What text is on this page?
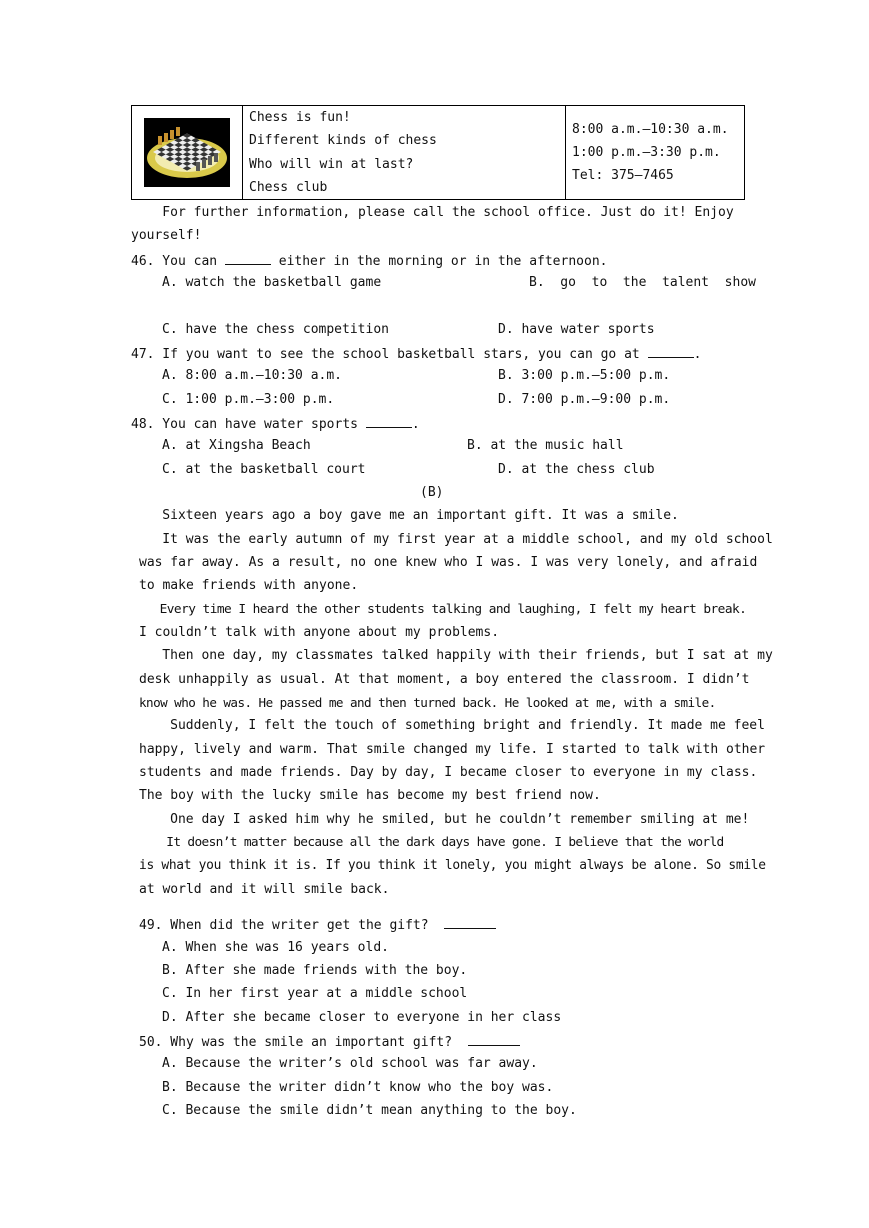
Chess is fun!
Different kinds of chess
Who will win at last?
Chess club

8:00 a.m.—10:30 a.m.
1:00 p.m.—3:30 p.m.
Tel: 375—7465
For further information, please call the school office. Just do it! Enjoy
yourself!
46. You can	either in the morning or in the afternoon.
A. watch the basketball game	B.  go  to  the  talent  show
C. have the chess competition	D. have water sports
47. If you want to see the school basketball stars, you can go at	.
A. 8:00 a.m.—10:30 a.m.	B. 3:00 p.m.—5:00 p.m.
C. 1:00 p.m.—3:00 p.m.	D. 7:00 p.m.—9:00 p.m.
48. You can have water sports	.
A. at Xingsha Beach	B. at the music hall
C. at the basketball court	D. at the chess club
(B)
Sixteen years ago a boy gave me an important gift. It was a smile.
It was the early autumn of my first year at a middle school, and my old school
was far away. As a result, no one knew who I was. I was very lonely, and afraid
to make friends with anyone.
Every time I heard the other students talking and laughing, I felt my heart break.
I couldn’t talk with anyone about my problems.
Then one day, my classmates talked happily with their friends, but I sat at my
desk unhappily as usual. At that moment, a boy entered the classroom. I didn’t
know who he was. He passed me and then turned back. He looked at me, with a smile.
Suddenly, I felt the touch of something bright and friendly. It made me feel
happy, lively and warm. That smile changed my life. I started to talk with other
students and made friends. Day by day, I became closer to everyone in my class.
The boy with the lucky smile has become my best friend now.
One day I asked him why he smiled, but he couldn’t remember smiling at me!
It doesn’t matter because all the dark days have gone. I believe that the world
is what you think it is. If you think it lonely, you might always be alone. So smile
at world and it will smile back.
49. When did the writer get the gift?
A. When she was 16 years old.
B. After she made friends with the boy.
C. In her first year at a middle school
D. After she became closer to everyone in her class
50. Why was the smile an important gift?
A. Because the writer’s old school was far away.
B. Because the writer didn’t know who the boy was.
C. Because the smile didn’t mean anything to the boy.
